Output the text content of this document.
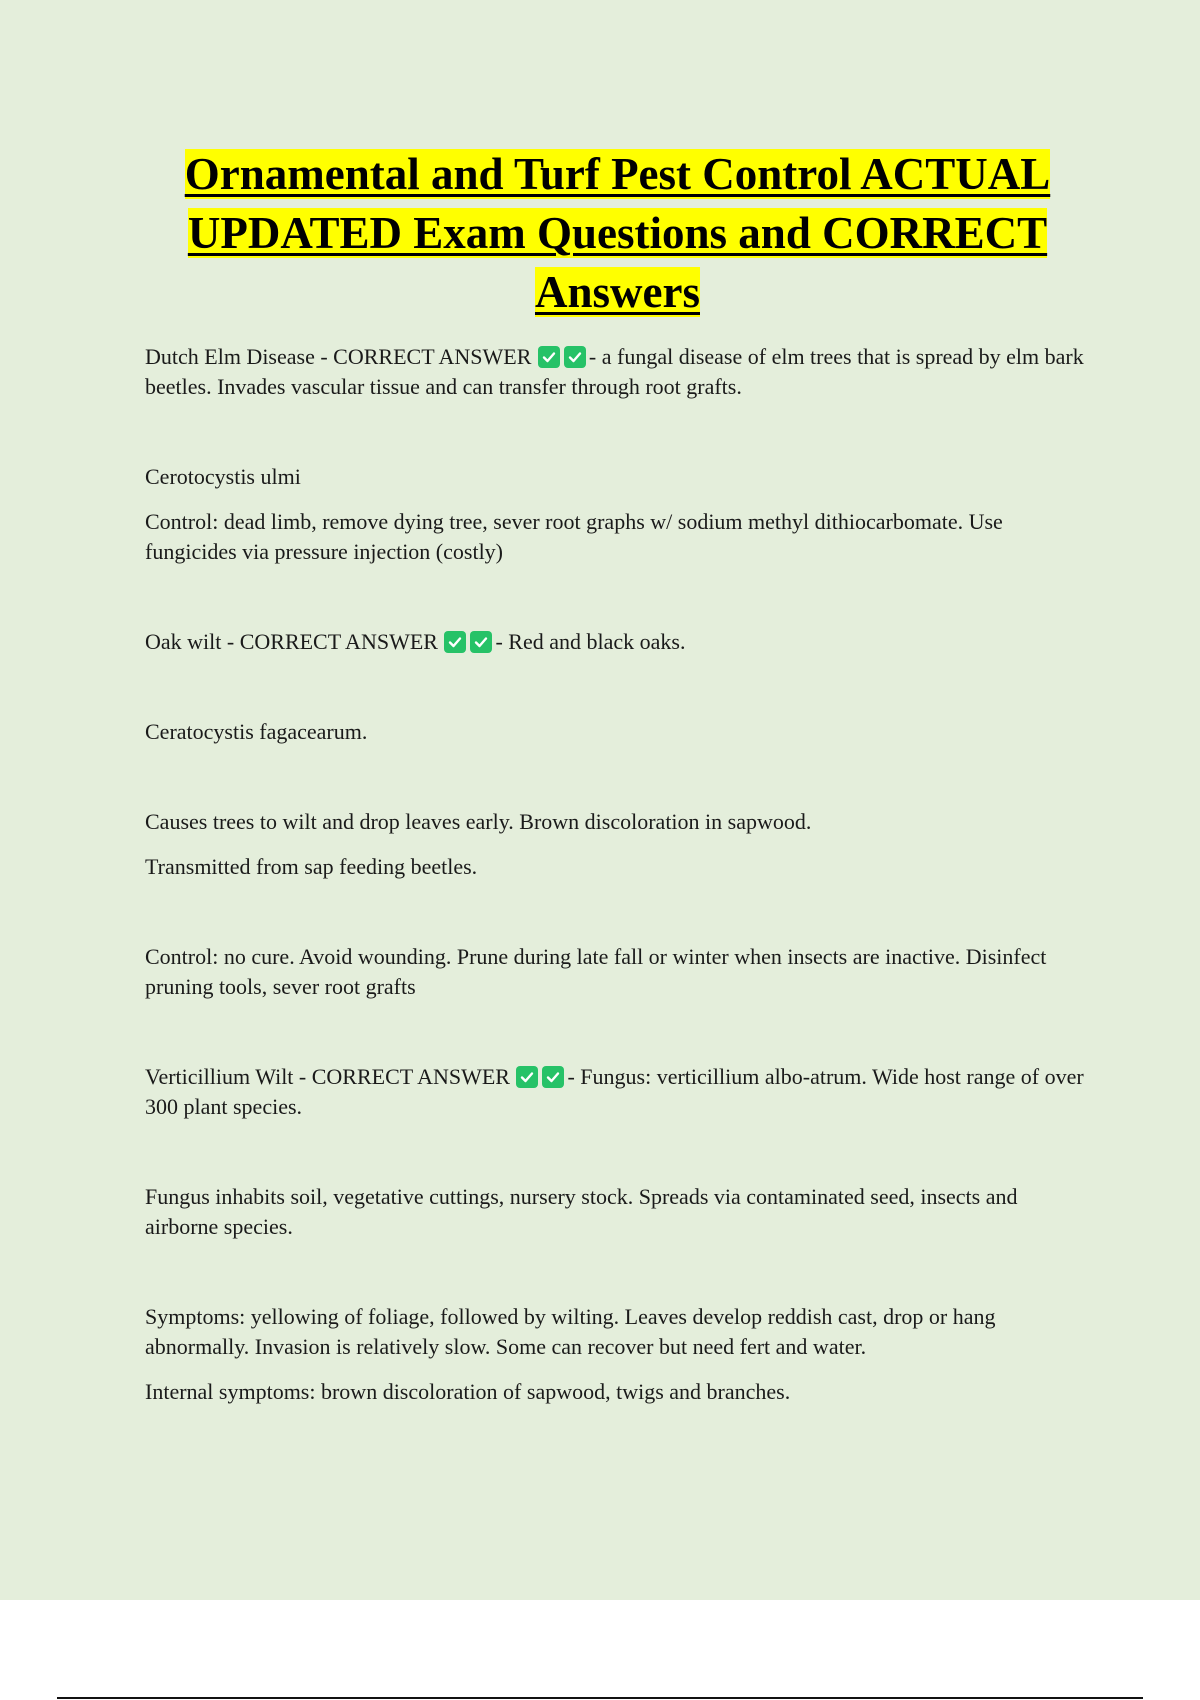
Ornamental and Turf Pest Control ACTUAL UPDATED Exam Questions and CORRECT Answers

Dutch Elm Disease - CORRECT ANSWER	- a fungal disease of elm trees that is spread by elm bark beetles. Invades vascular tissue and can transfer through root grafts.

Cerotocystis ulmi

Control: dead limb, remove dying tree, sever root graphs w/ sodium methyl dithiocarbomate. Use fungicides via pressure injection (costly)

Oak wilt - CORRECT ANSWER	- Red and black oaks.

Ceratocystis fagacearum.

Causes trees to wilt and drop leaves early. Brown discoloration in sapwood.

Transmitted from sap feeding beetles.

Control: no cure. Avoid wounding. Prune during late fall or winter when insects are inactive. Disinfect pruning tools, sever root grafts

Verticillium Wilt - CORRECT ANSWER	- Fungus: verticillium albo-atrum. Wide host range of over 300 plant species.

Fungus inhabits soil, vegetative cuttings, nursery stock. Spreads via contaminated seed, insects and airborne species.

Symptoms: yellowing of foliage, followed by wilting. Leaves develop reddish cast, drop or hang abnormally. Invasion is relatively slow. Some can recover but need fert and water.

Internal symptoms: brown discoloration of sapwood, twigs and branches.
